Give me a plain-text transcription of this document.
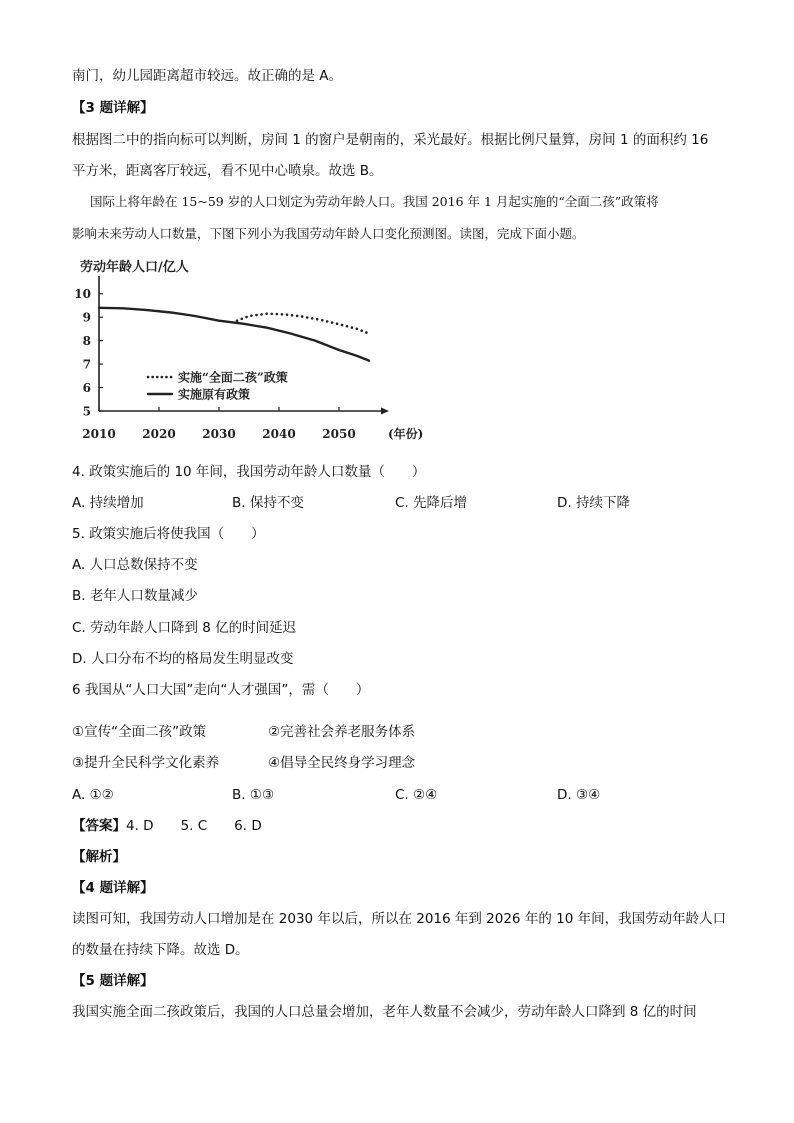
南门，幼儿园距离超市较远。故正确的是 A。
【3 题详解】
根据图二中的指向标可以判断，房间 1 的窗户是朝南的，采光最好。根据比例尺量算，房间 1 的面积约 16
平方米，距离客厅较远，看不见中心喷泉。故选 B。
国际上将年龄在 15~59 岁的人口划定为劳动年龄人口。我国 2016 年 1 月起实施的“全面二孩”政策将
影响未来劳动人口数量，下图下列小为我国劳动年龄人口变化预测图。读图，完成下面小题。
劳动年龄人口/亿人
5
6
7
8
9
10
2010 2020 2030 2040 2050	(年份)
实施“全面二孩”政策
实施原有政策
4. 政策实施后的 10 年间，我国劳动年龄人口数量（　　）
A. 持续增加	B. 保持不变	C. 先降后增	D. 持续下降
5. 政策实施后将使我国（　　）
A. 人口总数保持不变
B. 老年人口数量减少
C. 劳动年龄人口降到 8 亿的时间延迟
D. 人口分布不均的格局发生明显改变
6 我国从“人口大国”走向“人才强国”，需（　　）
①宣传“全面二孩”政策	②完善社会养老服务体系
③提升全民科学文化素养	④倡导全民终身学习理念
A. ①②	B. ①③	C. ②④	D. ③④
【答案】4. D　　5. C　　6. D
【解析】
【4 题详解】
读图可知，我国劳动人口增加是在 2030 年以后，所以在 2016 年到 2026 年的 10 年间，我国劳动年龄人口
的数量在持续下降。故选 D。
【5 题详解】
我国实施全面二孩政策后，我国的人口总量会增加，老年人数量不会减少，劳动年龄人口降到 8 亿的时间
